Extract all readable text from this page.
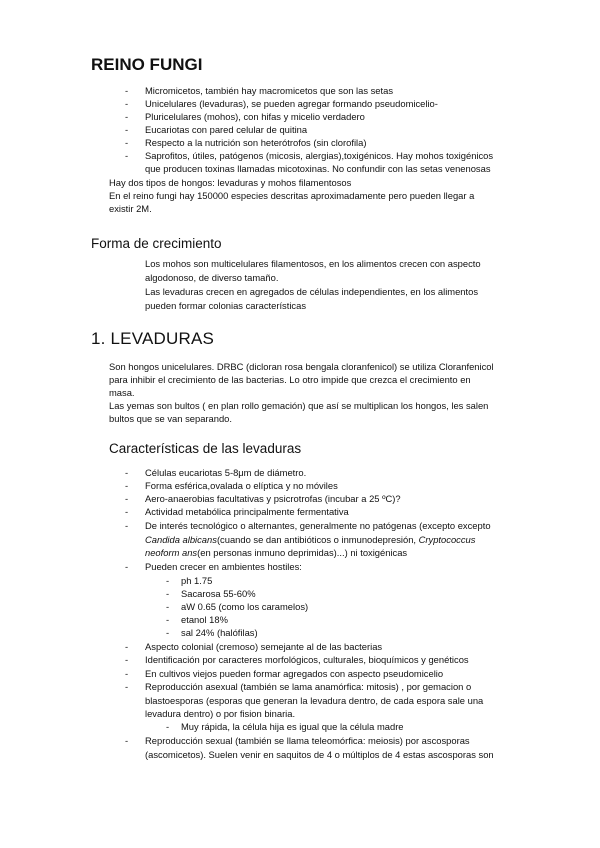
REINO FUNGI
- Micromicetos, también hay macromicetos que son las setas
- Unicelulares (levaduras), se pueden agregar formando pseudomicelio-
- Pluricelulares (mohos), con hifas y micelio verdadero
- Eucariotas con pared celular de quitina
- Respecto a la nutrición son heterótrofos (sin clorofila)
- Saprofitos, útiles, patógenos (micosis, alergias),toxigénicos. Hay mohos toxigénicos
que producen toxinas llamadas micotoxinas. No confundir con las setas venenosas

Hay dos tipos de hongos: levaduras y mohos filamentosos

En el reino fungi hay 150000 especies descritas aproximadamente pero pueden llegar a

existir 2M.

Forma de crecimiento

Los mohos son multicelulares filamentosos, en los alimentos crecen con aspecto

algodonoso, de diverso tamaño.

Las levaduras crecen en agregados de células independientes, en los alimentos

pueden formar colonias características

1. LEVADURAS

Son hongos unicelulares. DRBC (dicloran rosa bengala cloranfenicol) se utiliza Cloranfenicol

para inhibir el crecimiento de las bacterias. Lo otro impide que crezca el crecimiento en

masa.

Las yemas son bultos ( en plan rollo gemación) que así se multiplican los hongos, les salen

bultos que se van separando.

Características de las levaduras
- Células eucariotas 5-8μm de diámetro.
- Forma esférica,ovalada o elíptica y no móviles
- Aero-anaerobias facultativas y psicrotrofas (incubar a 25 ºC)?
- Actividad metabólica principalmente fermentativa
- De interés tecnológico o alternantes, generalmente no patógenas (excepto excepto
Candida albicans(cuando se dan antibióticos o inmunodepresión, Cryptococcus
neoform ans(en personas inmuno deprimidas)...) ni toxigénicas
- Pueden crecer en ambientes hostiles:
- ph 1.75
- Sacarosa 55-60%
- aW 0.65 (como los caramelos)
- etanol 18%
- sal 24% (halófilas)
- Aspecto colonial (cremoso) semejante al de las bacterias
- Identificación por caracteres morfológicos, culturales, bioquímicos y genéticos
- En cultivos viejos pueden formar agregados con aspecto pseudomicelio
- Reproducción asexual (también se lama anamórfica: mitosis) , por gemacion o
blastoesporas (esporas que generan la levadura dentro, de cada espora sale una
levadura dentro) o por fision binaria.
- Muy rápida, la célula hija es igual que la célula madre
- Reproducción sexual (también se llama teleomórfica: meiosis) por ascosporas
(ascomicetos). Suelen venir en saquitos de 4 o múltiplos de 4 estas ascosporas son
